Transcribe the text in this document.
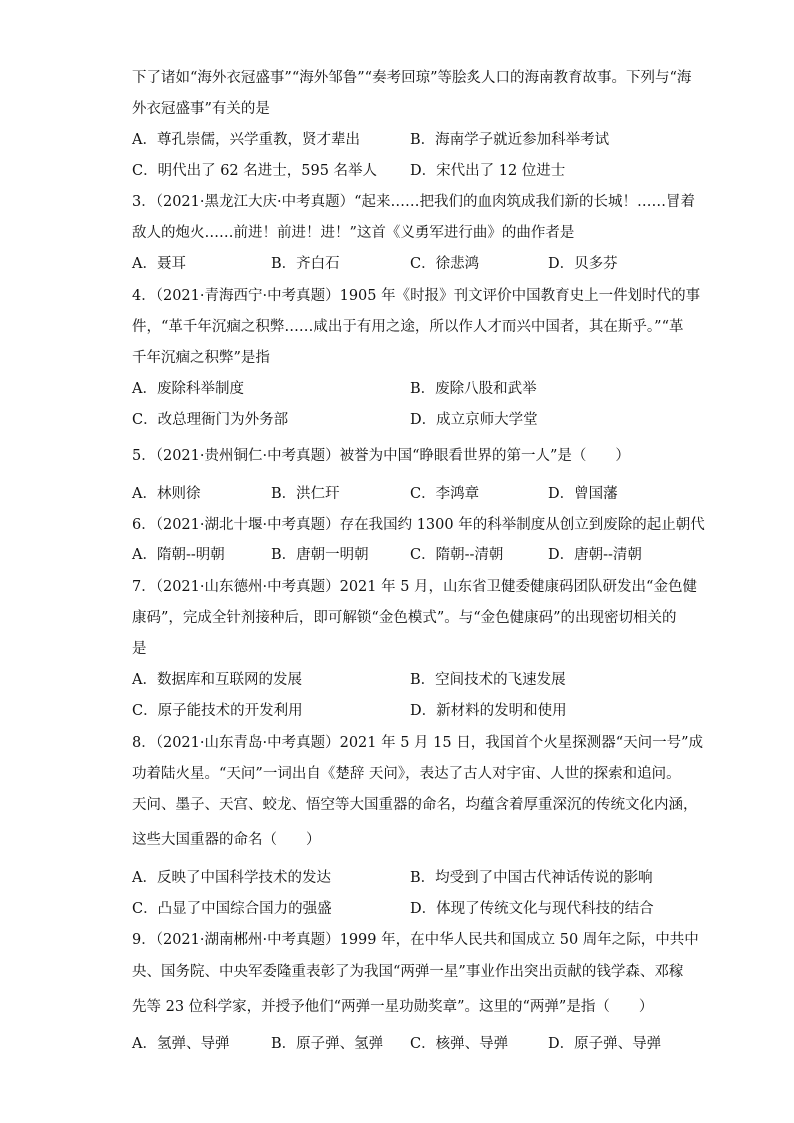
下了诸如“海外衣冠盛事”“海外邹鲁”“奏考回琼”等脍炙人口的海南教育故事。下列与“海
外衣冠盛事”有关的是
A．尊孔崇儒，兴学重教，贤才辈出	B．海南学子就近参加科举考试
C．明代出了 62 名进士，595 名举人 D．宋代出了 12 位进士
3．（2021·黑龙江大庆·中考真题）“起来……把我们的血肉筑成我们新的长城！……冒着
敌人的炮火……前进！前进！进！”这首《义勇军进行曲》的曲作者是
A．聂耳	B．齐白石	C．徐悲鸿	D．贝多芬
4．（2021·青海西宁·中考真题）1905 年《时报》刊文评价中国教育史上一件划时代的事
件，“革千年沉痼之积弊……咸出于有用之途，所以作人才而兴中国者，其在斯乎。”“革
千年沉痼之积弊”是指
A．废除科举制度	B．废除八股和武举
C．改总理衙门为外务部	D．成立京师大学堂
5．（2021·贵州铜仁·中考真题）被誉为中国“睁眼看世界的第一人”是（　　）
A．林则徐	B．洪仁玕	C．李鸿章	D．曾国藩
6．（2021·湖北十堰·中考真题）存在我国约 1300 年的科举制度从创立到废除的起止朝代
A．隋朝--明朝	B．唐朝一明朝	C．隋朝--清朝	D．唐朝--清朝
7．（2021·山东德州·中考真题）2021 年 5 月，山东省卫健委健康码团队研发出“金色健
康码”，完成全针剂接种后，即可解锁“金色模式”。与“金色健康码”的出现密切相关的
是
A．数据库和互联网的发展	B．空间技术的飞速发展
C．原子能技术的开发利用	D．新材料的发明和使用
8．（2021·山东青岛·中考真题）2021 年 5 月 15 日，我国首个火星探测器“天问一号”成
功着陆火星。“天问”一词出自《楚辞 天问》，表达了古人对宇宙、人世的探索和追问。
天问、墨子、天宫、蛟龙、悟空等大国重器的命名，均蕴含着厚重深沉的传统文化内涵，
这些大国重器的命名（　　）
A．反映了中国科学技术的发达	B．均受到了中国古代神话传说的影响
C．凸显了中国综合国力的强盛	D．体现了传统文化与现代科技的结合
9．（2021·湖南郴州·中考真题）1999 年，在中华人民共和国成立 50 周年之际，中共中
央、国务院、中央军委隆重表彰了为我国“两弹一星”事业作出突出贡献的钱学森、邓稼
先等 23 位科学家，并授予他们“两弹一星功勋奖章”。这里的“两弹”是指（　　）
A．氢弹、导弹	B．原子弹、氢弹 C．核弹、导弹	D．原子弹、导弹
